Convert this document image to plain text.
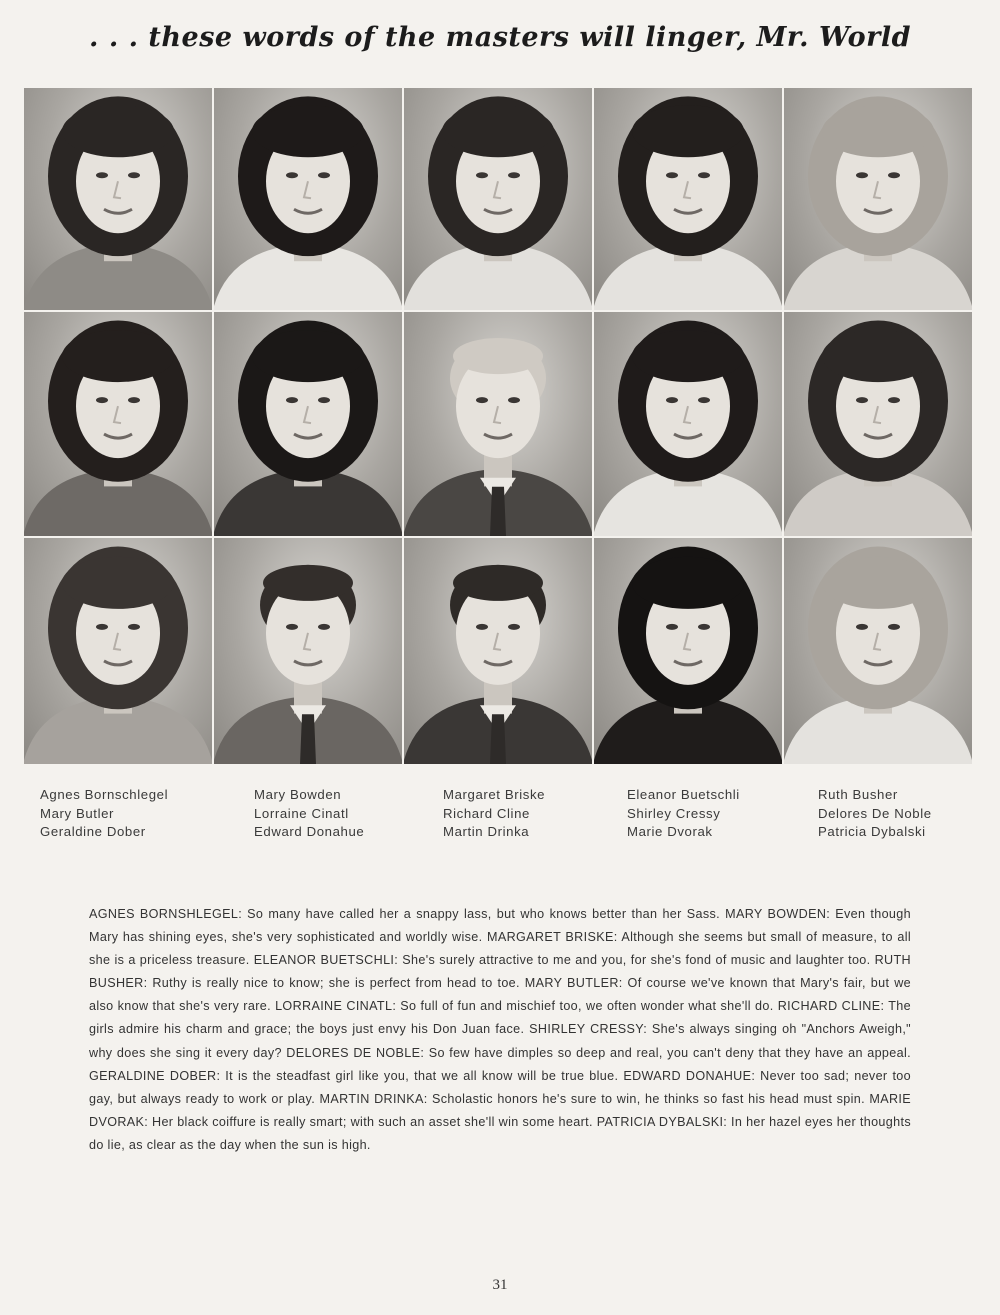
. . . these words of the masters will linger, Mr. World
Agnes Bornschlegel
Mary Butler
Geraldine Dober
Mary Bowden
Lorraine Cinatl
Edward Donahue
Margaret Briske
Richard Cline
Martin Drinka
Eleanor Buetschli
Shirley Cressy
Marie Dvorak
Ruth Busher
Delores De Noble
Patricia Dybalski
AGNES BORNSHLEGEL: So many have called her a snappy lass, but who knows better than her Sass. MARY BOWDEN: Even though Mary has shining eyes, she's very sophisticated and worldly wise. MARGARET BRISKE: Although she seems but small of measure, to all she is a priceless treasure. ELEANOR BUETSCHLI: She's surely attractive to me and you, for she's fond of music and laughter too. RUTH BUSHER: Ruthy is really nice to know; she is perfect from head to toe. MARY BUTLER: Of course we've known that Mary's fair, but we also know that she's very rare. LORRAINE CINATL: So full of fun and mischief too, we often wonder what she'll do. RICHARD CLINE: The girls admire his charm and grace; the boys just envy his Don Juan face. SHIRLEY CRESSY: She's always singing oh "Anchors Aweigh," why does she sing it every day? DELORES DE NOBLE: So few have dimples so deep and real, you can't deny that they have an appeal. GERALDINE DOBER: It is the steadfast girl like you, that we all know will be true blue. EDWARD DONAHUE: Never too sad; never too gay, but always ready to work or play. MARTIN DRINKA: Scholastic honors he's sure to win, he thinks so fast his head must spin. MARIE DVORAK: Her black coiffure is really smart; with such an asset she'll win some heart. PATRICIA DYBALSKI: In her hazel eyes her thoughts do lie, as clear as the day when the sun is high.
31
